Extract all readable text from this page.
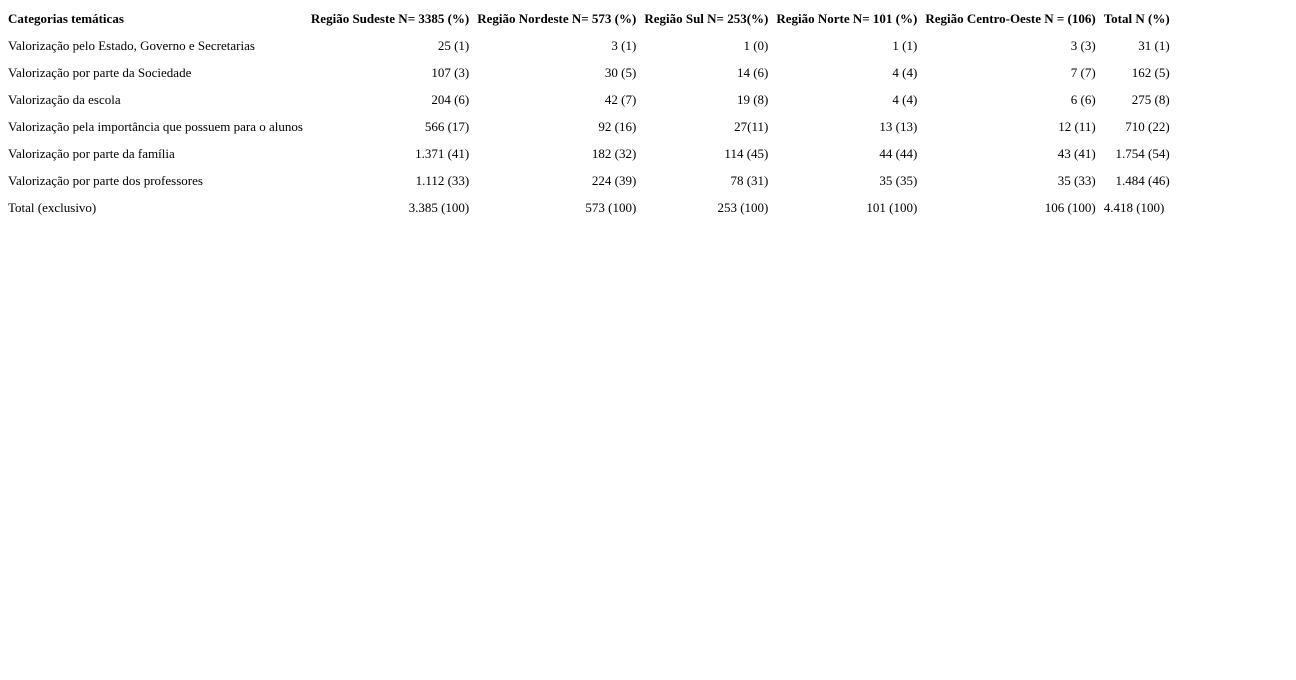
Categorias temáticas	Região Sudeste N= 3385 (%)	Região Nordeste N= 573 (%)	Região Sul N= 253(%)	Região Norte N= 101 (%)	Região Centro-Oeste N = (106)	Total N (%)
Valorização pelo Estado, Governo e Secretarias	25 (1)	3 (1)	1 (0)	1 (1)	3 (3)	31 (1)
Valorização por parte da Sociedade	107 (3)	30 (5)	14 (6)	4 (4)	7 (7)	162 (5)
Valorização da escola	204 (6)	42 (7)	19 (8)	4 (4)	6 (6)	275 (8)
Valorização pela importância que possuem para o alunos	566 (17)	92 (16)	27(11)	13 (13)	12 (11)	710 (22)
Valorização por parte da família	1.371 (41)	182 (32)	114 (45)	44 (44)	43 (41)	1.754 (54)
Valorização por parte dos professores	1.112 (33)	224 (39)	78 (31)	35 (35)	35 (33)	1.484 (46)
Total (exclusivo)	3.385 (100)	573 (100)	253 (100)	101 (100)	106 (100)	4.418 (100)
